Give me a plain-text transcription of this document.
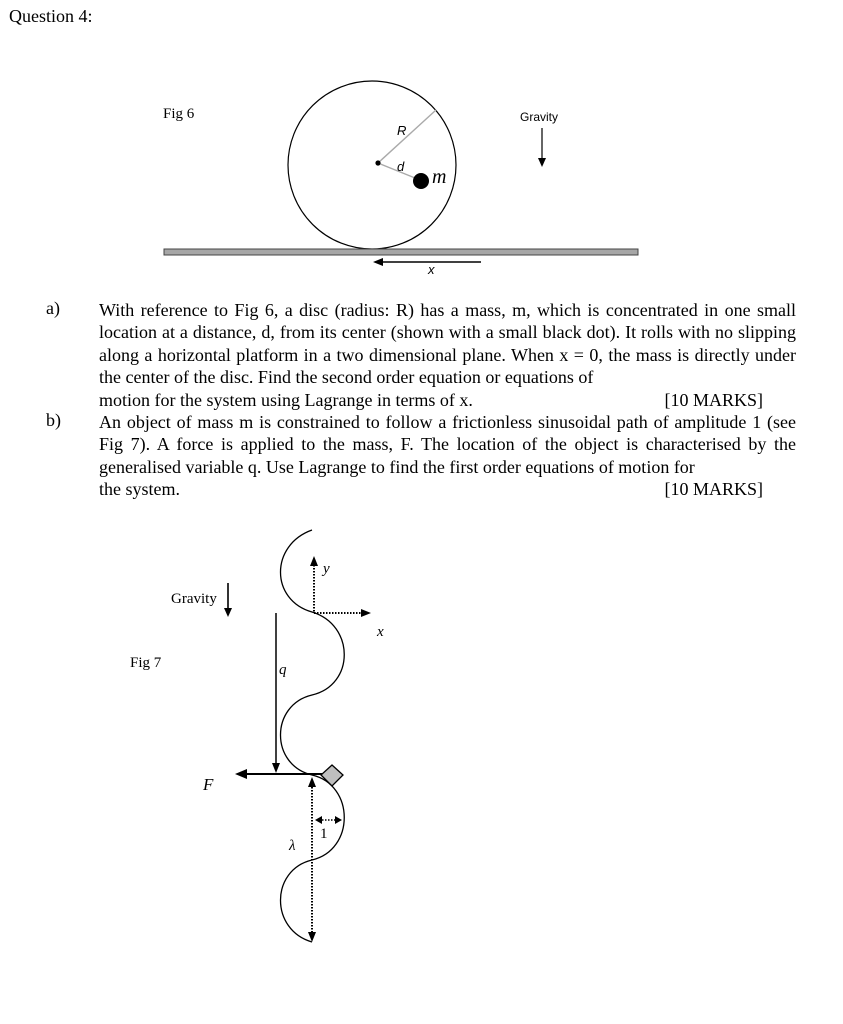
Question 4:
Fig 6
R
d m
Gravity
x
a) With reference to Fig 6, a disc (radius: R) has a mass, m, which is concentrated in one small location at a distance, d, from its center (shown with a small black dot). It rolls with no slipping along a horizontal platform in a two dimensional plane. When x = 0, the mass is directly under the center of the disc. Find the second order equation or equations of
motion for the system using Lagrange in terms of x.	[10 MARKS]
b) An object of mass m is constrained to follow a frictionless sinusoidal path of amplitude 1 (see Fig 7). A force is applied to the mass, F. The location of the object is characterised by the generalised variable q. Use Lagrange to find the first order equations of motion for
the system.	[10 MARKS]
Fig 7
Gravity
y
x
q
F
λ
1
